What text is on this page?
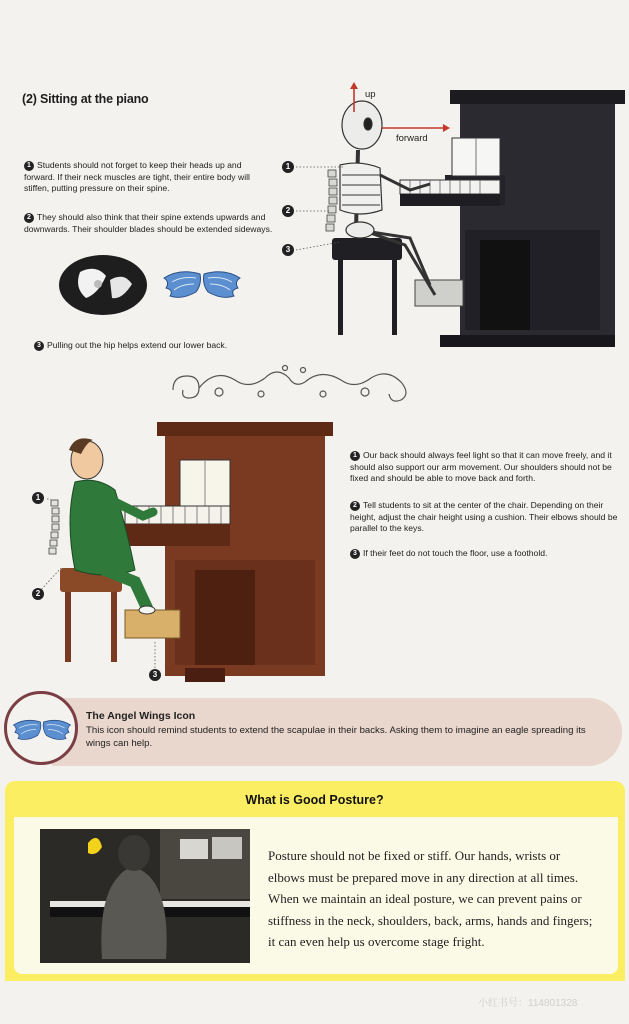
(2) Sitting at the piano	up
forward
1
2
3
1 Students should not forget to keep their heads up and forward. If their neck muscles are tight, their entire body will stiffen, putting pressure on their spine.
2 They should also think that their spine extends upwards and downwards. Their shoulder blades should be extended sideways.
3 Pulling out the hip helps extend our lower back.
1
2
3
1 Our back should always feel light so that it can move freely, and it should also support our arm movement. Our shoulders should not be fixed and should be able to move back and forth.
2 Tell students to sit at the center of the chair. Depending on their height, adjust the chair height using a cushion. Their elbows should be parallel to the keys.
3 If their feet do not touch the floor, use a foothold.
The Angel Wings Icon
This icon should remind students to extend the scapulae in their backs. Asking them to imagine an eagle spreading its wings can help.
What is Good Posture?
Posture should not be fixed or stiff. Our hands, wrists or elbows must be prepared move in any direction at all times. When we maintain an ideal posture, we can prevent pains or stiffness in the neck, shoulders, back, arms, hands and fingers; it can even help us overcome stage fright.
小红书号：114801328
